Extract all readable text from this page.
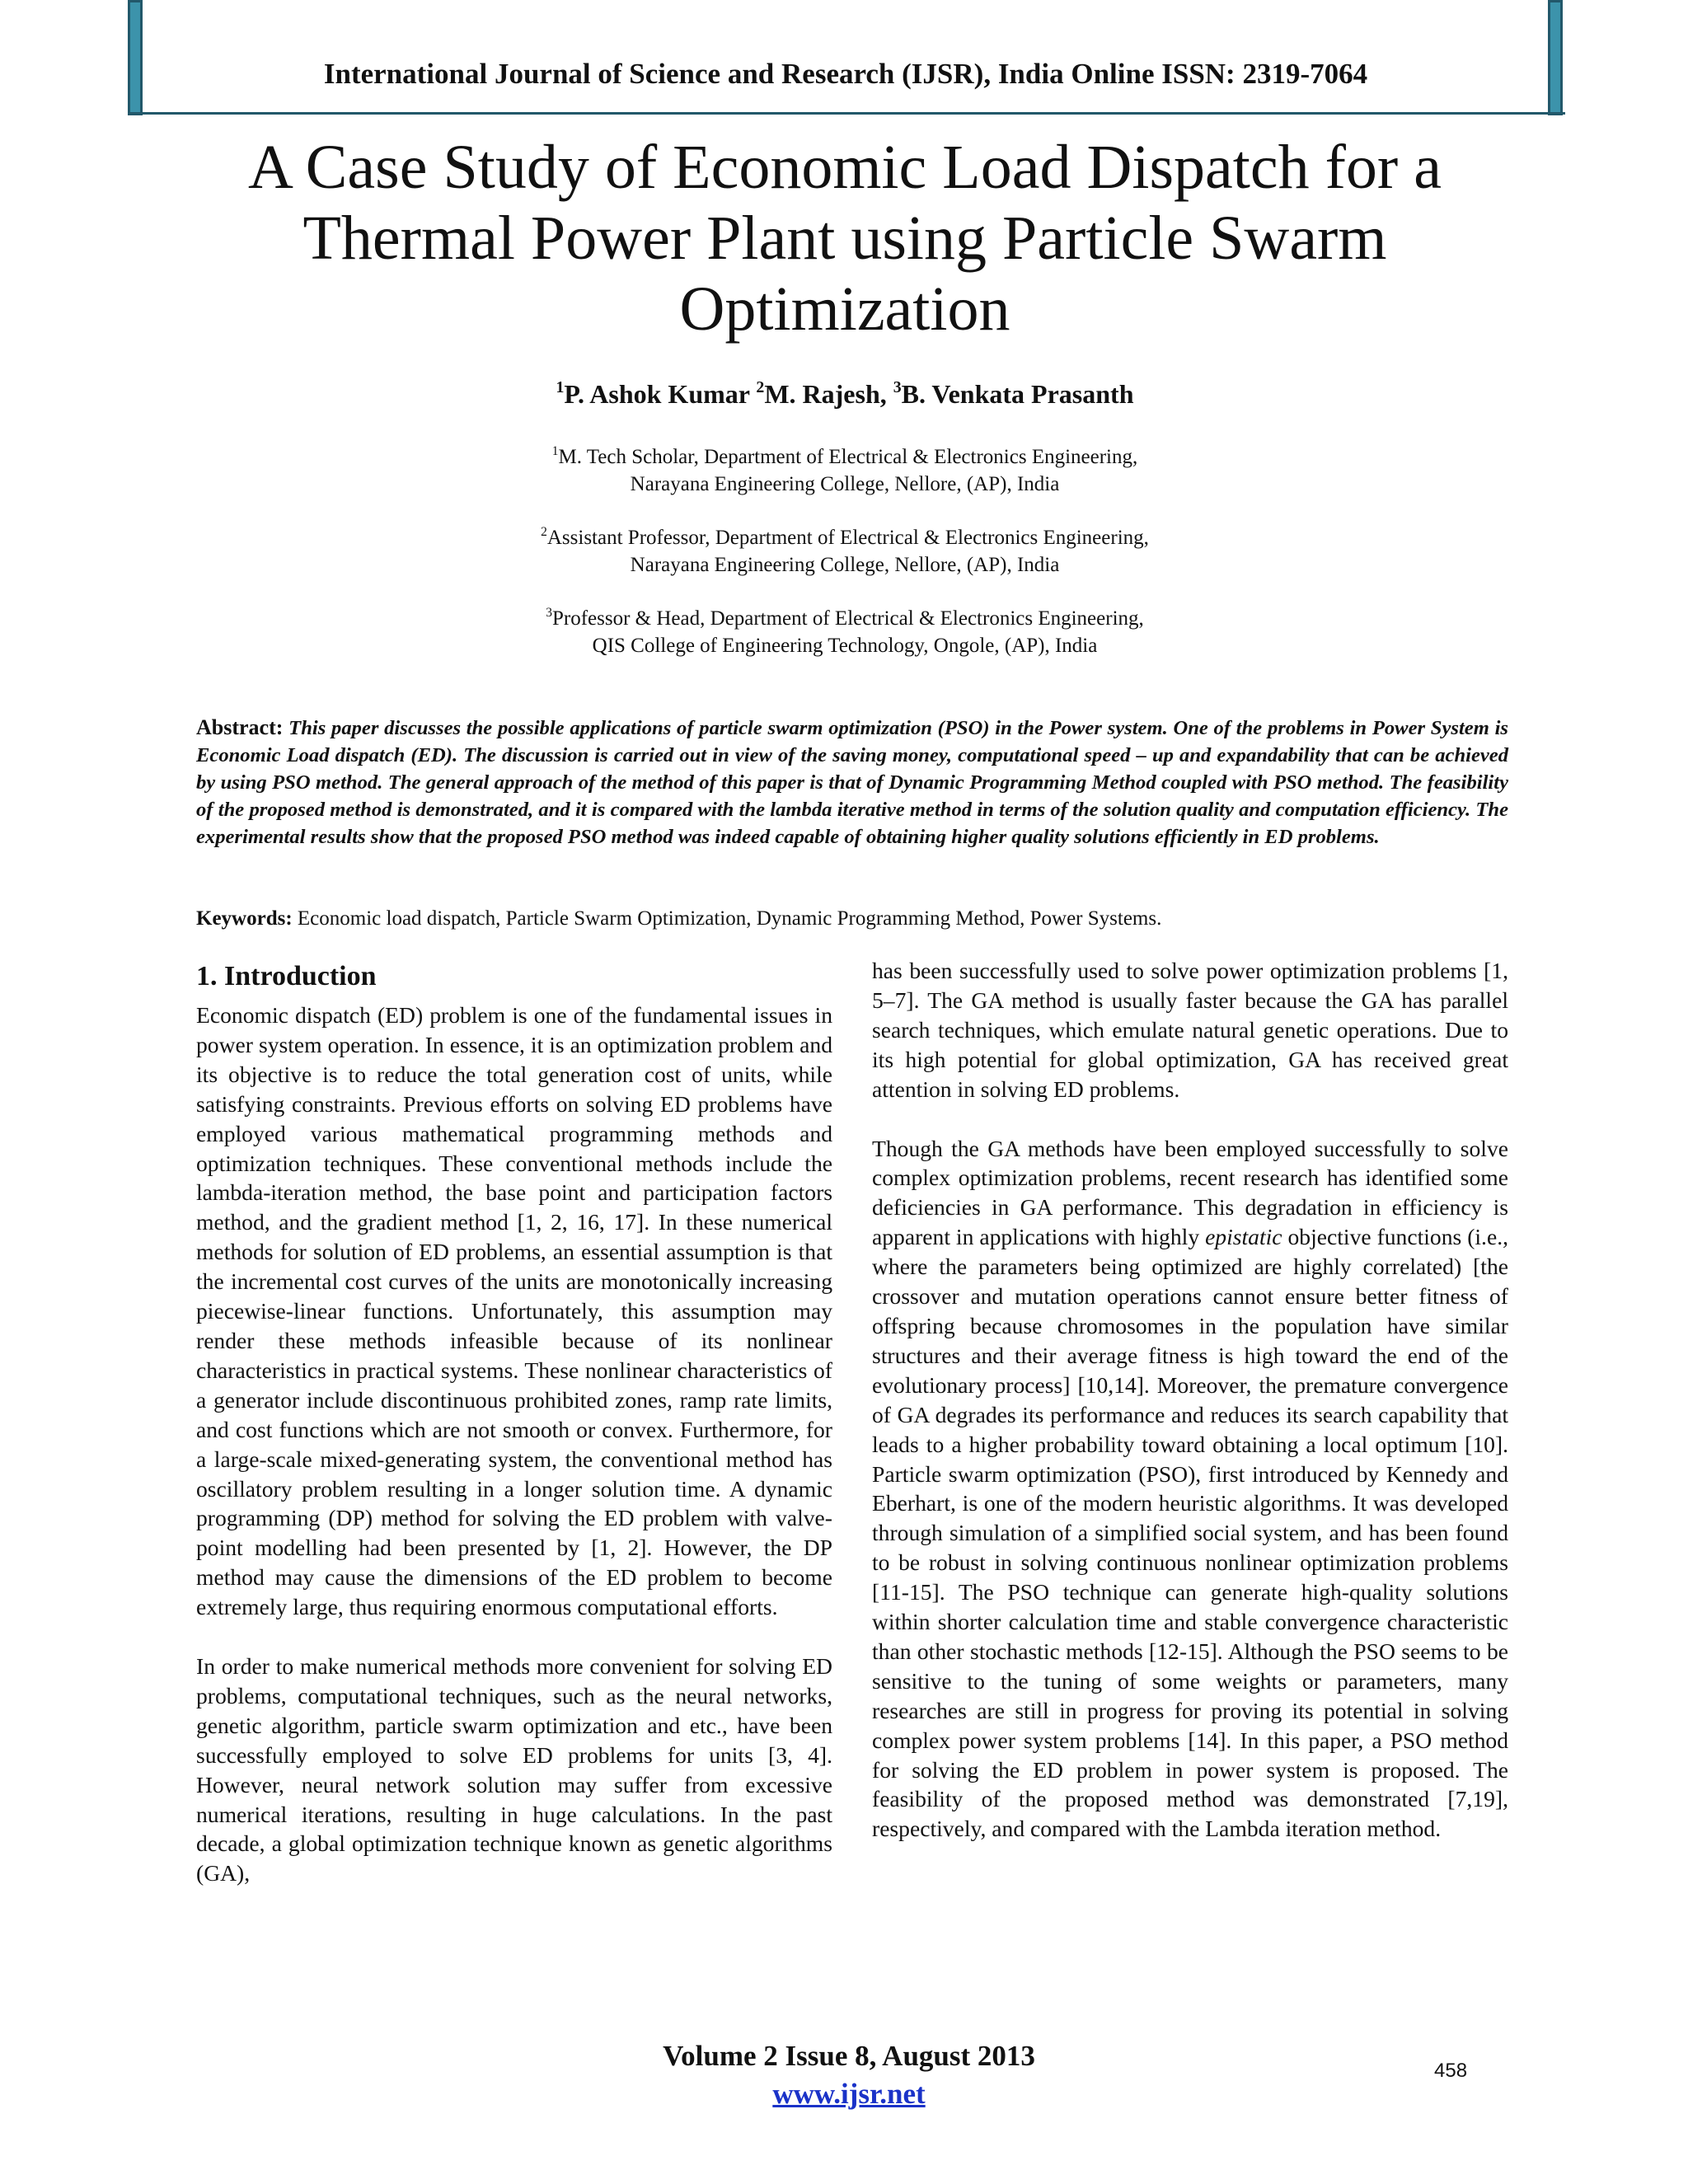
International Journal of Science and Research (IJSR), India Online ISSN: 2319-7064

A Case Study of Economic Load Dispatch for a
Thermal Power Plant using Particle Swarm
Optimization

$^1$P. Ashok Kumar $^2$M. Rajesh, $^3$B. Venkata Prasanth

$^1$M. Tech Scholar, Department of Electrical & Electronics Engineering,

Narayana Engineering College, Nellore, (AP), India

$^2$Assistant Professor, Department of Electrical & Electronics Engineering,

Narayana Engineering College, Nellore, (AP), India

$^3$Professor & Head, Department of Electrical & Electronics Engineering,

QIS College of Engineering Technology, Ongole, (AP), India

Abstract: This paper discusses the possible applications of particle swarm optimization (PSO) in the Power system. One of the problems in Power System is Economic Load dispatch (ED). The discussion is carried out in view of the saving money, computational speed – up and expandability that can be achieved by using PSO method. The general approach of the method of this paper is that of Dynamic Programming Method coupled with PSO method. The feasibility of the proposed method is demonstrated, and it is compared with the lambda iterative method in terms of the solution quality and computation efficiency. The experimental results show that the proposed PSO method was indeed capable of obtaining higher quality solutions efficiently in ED problems.

Keywords: Economic load dispatch, Particle Swarm Optimization, Dynamic Programming Method, Power Systems.

1. Introduction

Economic dispatch (ED) problem is one of the fundamental issues in power system operation. In essence, it is an optimization problem and its objective is to reduce the total generation cost of units, while satisfying constraints. Previous efforts on solving ED problems have employed various mathematical programming methods and optimization techniques. These conventional methods include the lambda-iteration method, the base point and participation factors method, and the gradient method [1, 2, 16, 17]. In these numerical methods for solution of ED problems, an essential assumption is that the incremental cost curves of the units are monotonically increasing piecewise-linear functions. Unfortunately, this assumption may render these methods infeasible because of its nonlinear characteristics in practical systems. These nonlinear characteristics of a generator include discontinuous prohibited zones, ramp rate limits, and cost functions which are not smooth or convex. Furthermore, for a large-scale mixed-generating system, the conventional method has oscillatory problem resulting in a longer solution time. A dynamic programming (DP) method for solving the ED problem with valve-point modelling had been presented by [1, 2]. However, the DP method may cause the dimensions of the ED problem to become extremely large, thus requiring enormous computational efforts.

In order to make numerical methods more convenient for solving ED problems, computational techniques, such as the neural networks, genetic algorithm, particle swarm optimization and etc., have been successfully employed to solve ED problems for units [3, 4]. However, neural network solution may suffer from excessive numerical iterations, resulting in huge calculations. In the past decade, a global optimization technique known as genetic algorithms (GA),

has been successfully used to solve power optimization problems [1, 5–7]. The GA method is usually faster because the GA has parallel search techniques, which emulate natural genetic operations. Due to its high potential for global optimization, GA has received great attention in solving ED problems.

Though the GA methods have been employed successfully to solve complex optimization problems, recent research has identified some deficiencies in GA performance. This degradation in efficiency is apparent in applications with highly epistatic objective functions (i.e., where the parameters being optimized are highly correlated) [the crossover and mutation operations cannot ensure better fitness of offspring because chromosomes in the population have similar structures and their average fitness is high toward the end of the evolutionary process] [10,14]. Moreover, the premature convergence of GA degrades its performance and reduces its search capability that leads to a higher probability toward obtaining a local optimum [10]. Particle swarm optimization (PSO), first introduced by Kennedy and Eberhart, is one of the modern heuristic algorithms. It was developed through simulation of a simplified social system, and has been found to be robust in solving continuous nonlinear optimization problems [11-15]. The PSO technique can generate high-quality solutions within shorter calculation time and stable convergence characteristic than other stochastic methods [12-15]. Although the PSO seems to be sensitive to the tuning of some weights or parameters, many researches are still in progress for proving its potential in solving complex power system problems [14]. In this paper, a PSO method for solving the ED problem in power system is proposed. The feasibility of the proposed method was demonstrated [7,19], respectively, and compared with the Lambda iteration method.

Volume 2 Issue 8, August 2013

www.ijsr.net

458
